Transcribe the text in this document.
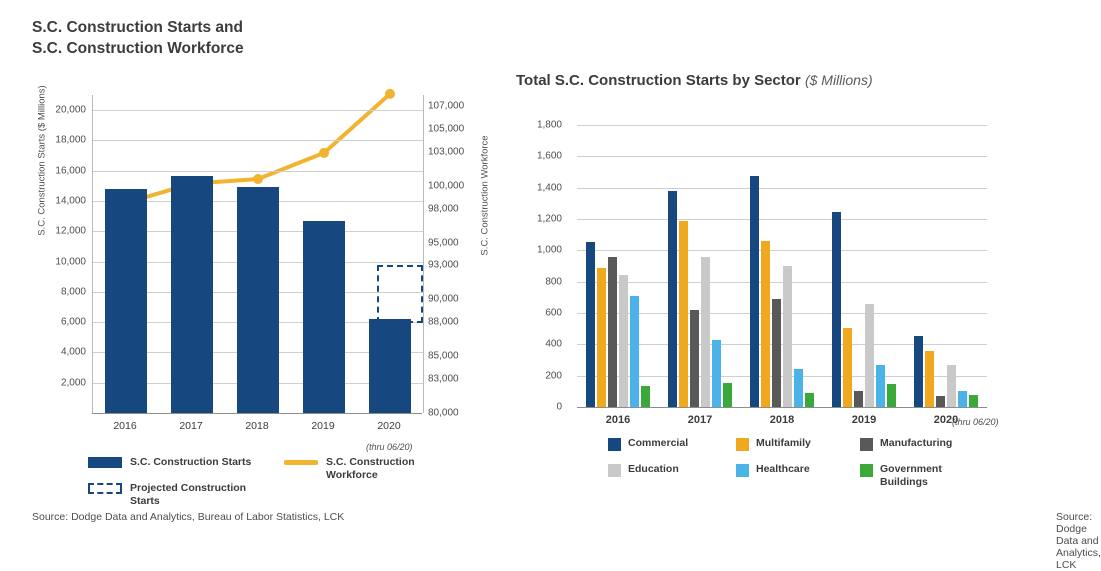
S.C. Construction Starts and
S.C. Construction Workforce
2,000
4,000
6,000
8,000
10,000
12,000
14,000
16,000
18,000
20,000
80,000
83,000
85,000
88,000
90,000
93,000
95,000
98,000
100,000
103,000
105,000
107,000
S.C. Construction Starts ($ Millions)	S.C. Construction Workforce
2016	2017	2018	2019	2020
(thru 06/20)
S.C. Construction Starts	S.C. Construction
Workforce
Projected Construction
Starts
Source: Dodge Data and Analytics, Bureau of Labor Statistics, LCK
Total S.C. Construction Starts by Sector ($ Millions)
0
200
400
600
800
1,000
1,200
1,400
1,600
1,800
2016	2017	2018	2019	2020
(thru 06/20)
Commercial	Multifamily	Manufacturing
Education	Healthcare	Government
Buildings
Source: Dodge Data and Analytics, LCK
